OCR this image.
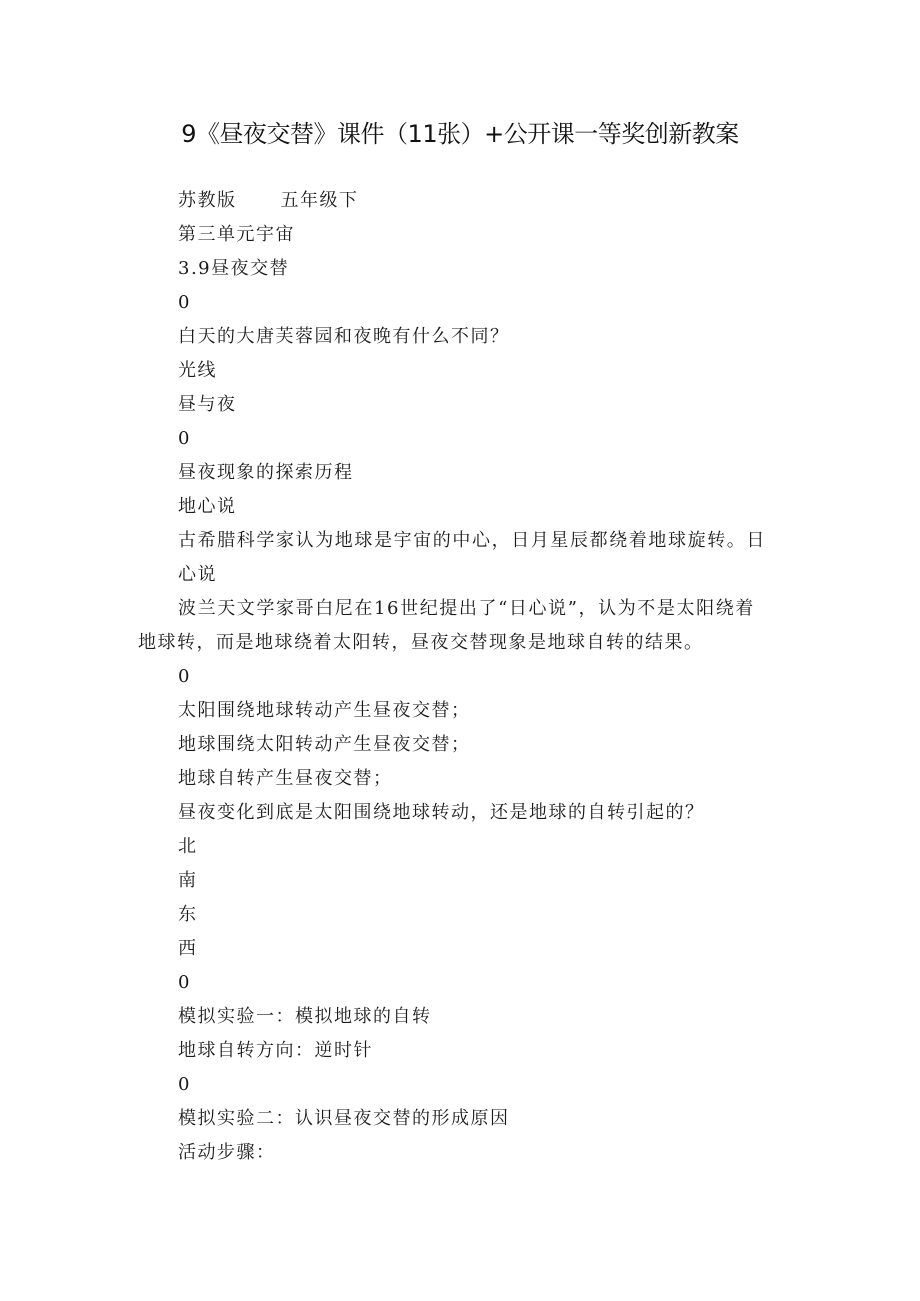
9《昼夜交替》课件（11张）+公开课一等奖创新教案
苏教版 五年级下
第三单元宇宙
3.9昼夜交替
0
白天的大唐芙蓉园和夜晚有什么不同？
光线
昼与夜
0
昼夜现象的探索历程
地心说
古希腊科学家认为地球是宇宙的中心，日月星辰都绕着地球旋转。日
心说
波兰天文学家哥白尼在16世纪提出了“日心说”，认为不是太阳绕着
地球转，而是地球绕着太阳转，昼夜交替现象是地球自转的结果。
0
太阳围绕地球转动产生昼夜交替；
地球围绕太阳转动产生昼夜交替；
地球自转产生昼夜交替；
昼夜变化到底是太阳围绕地球转动，还是地球的自转引起的？
北
南
东
西
0
模拟实验一：模拟地球的自转
地球自转方向：逆时针
0
模拟实验二：认识昼夜交替的形成原因
活动步骤：
